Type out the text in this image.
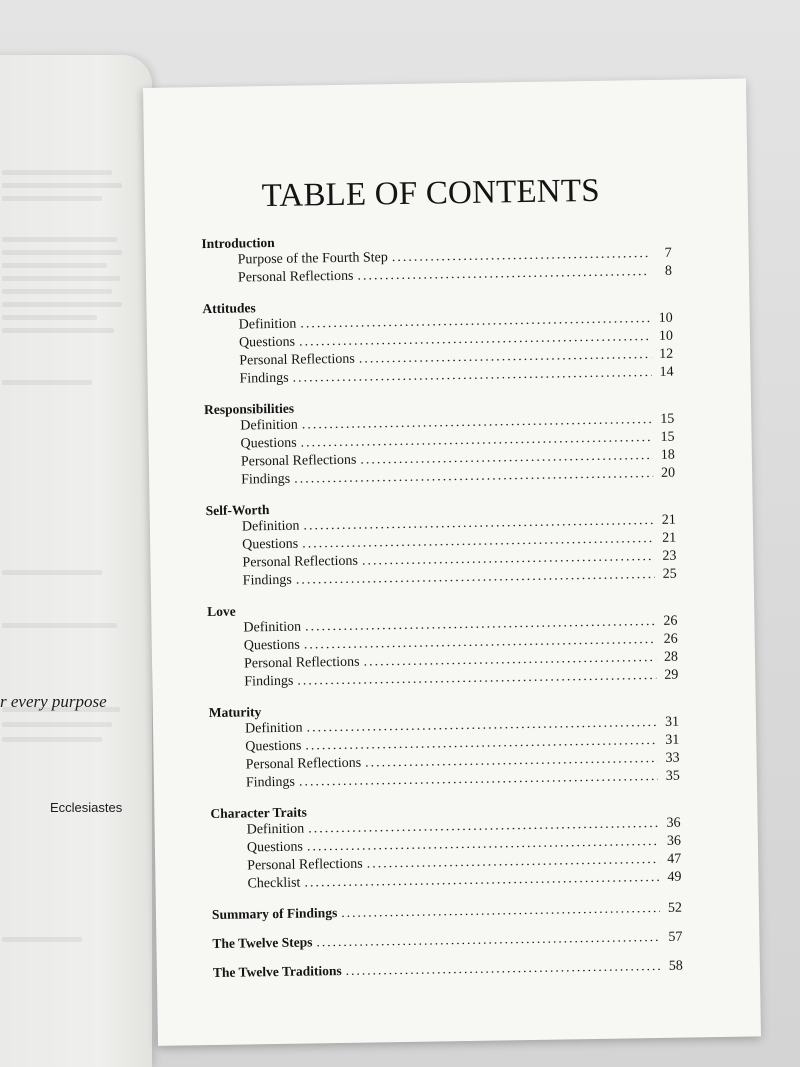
r every purpose
Ecclesiastes
TABLE OF CONTENTS
Introduction
Purpose of the Fourth Step .....	7
Personal Reflections .....	8
Attitudes
Definition .....	10
Questions .....	10
Personal Reflections .....	12
Findings .....	14
Responsibilities
Definition .....	15
Questions .....	15
Personal Reflections .....	18
Findings .....	20
Self-Worth
Definition .....	21
Questions .....	21
Personal Reflections .....	23
Findings .....	25
Love
Definition .....	26
Questions .....	26
Personal Reflections .....	28
Findings .....	29
Maturity
Definition .....	31
Questions .....	31
Personal Reflections .....	33
Findings .....	35
Character Traits
Definition .....	36
Questions .....	36
Personal Reflections .....	47
Checklist .....	49
Summary of Findings .....	52
The Twelve Steps .....	57
The Twelve Traditions .....	58
